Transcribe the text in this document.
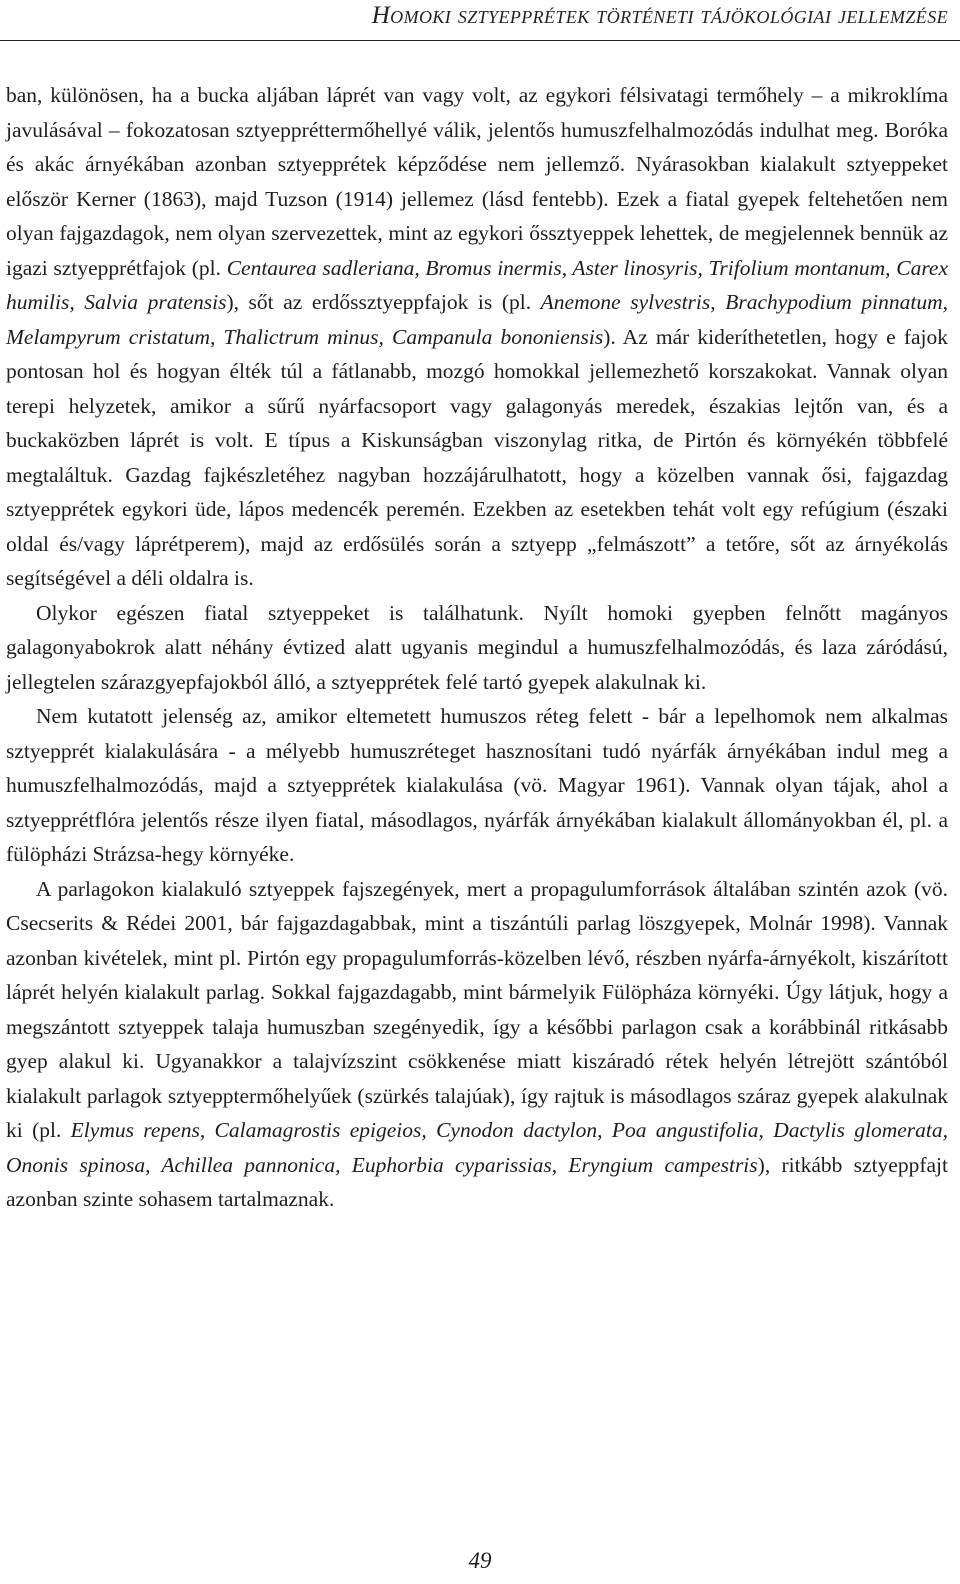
Homoki sztyepprétek történeti tájökológiai jellemzése

ban, különösen, ha a bucka aljában láprét van vagy volt, az egykori félsivatagi termőhely – a mikroklíma javulásával – fokozatosan sztyeppréttermőhellyé válik, jelentős humuszfelhalmozódás indulhat meg. Boróka és akác árnyékában azonban sztyepprétek képződése nem jellemző. Nyárasokban kialakult sztyeppeket először Kerner (1863), majd Tuzson (1914) jellemez (lásd fentebb). Ezek a fiatal gyepek feltehetően nem olyan fajgazdagok, nem olyan szervezettek, mint az egykori őssztyeppek lehettek, de megjelennek bennük az igazi sztyepprétfajok (pl. Centaurea sadleriana, Bromus inermis, Aster linosyris, Trifolium montanum, Carex humilis, Salvia pratensis), sőt az erdőssztyeppfajok is (pl. Anemone sylvestris, Brachypodium pinnatum, Melampyrum cristatum, Thalictrum minus, Campanula bononiensis). Az már kideríthetetlen, hogy e fajok pontosan hol és hogyan élték túl a fátlanabb, mozgó homokkal jellemezhető korszakokat. Vannak olyan terepi helyzetek, amikor a sűrű nyárfacsoport vagy galagonyás meredek, északias lejtőn van, és a buckaközben láprét is volt. E típus a Kiskunságban viszonylag ritka, de Pirtón és környékén többfelé megtaláltuk. Gazdag fajkészletéhez nagyban hozzájárulhatott, hogy a közelben vannak ősi, fajgazdag sztyepprétek egykori üde, lápos medencék peremén. Ezekben az esetekben tehát volt egy refúgium (északi oldal és/vagy láprétperem), majd az erdősülés során a sztyepp „felmászott” a tetőre, sőt az árnyékolás segítségével a déli oldalra is.

Olykor egészen fiatal sztyeppeket is találhatunk. Nyílt homoki gyepben felnőtt magányos galagonyabokrok alatt néhány évtized alatt ugyanis megindul a humuszfelhalmozódás, és laza záródású, jellegtelen szárazgyepfajokból álló, a sztyepprétek felé tartó gyepek alakulnak ki.

Nem kutatott jelenség az, amikor eltemetett humuszos réteg felett - bár a lepelhomok nem alkalmas sztyepprét kialakulására - a mélyebb humuszréteget hasznosítani tudó nyárfák árnyékában indul meg a humuszfelhalmozódás, majd a sztyepprétek kialakulása (vö. Magyar 1961). Vannak olyan tájak, ahol a sztyepprétflóra jelentős része ilyen fiatal, másodlagos, nyárfák árnyékában kialakult állományokban él, pl. a fülöpházi Strázsa-hegy környéke.

A parlagokon kialakuló sztyeppek fajszegények, mert a propagulumforrások általában szintén azok (vö. Csecserits & Rédei 2001, bár fajgazdagabbak, mint a tiszántúli parlag löszgyepek, Molnár 1998). Vannak azonban kivételek, mint pl. Pirtón egy propagulumforrás-közelben lévő, részben nyárfa-árnyékolt, kiszárított láprét helyén kialakult parlag. Sokkal fajgazdagabb, mint bármelyik Fülöpháza környéki. Úgy látjuk, hogy a megszántott sztyeppek talaja humuszban szegényedik, így a későbbi parlagon csak a korábbinál ritkásabb gyep alakul ki. Ugyanakkor a talajvízszint csökkenése miatt kiszáradó rétek helyén létrejött szántóból kialakult parlagok sztyepptermőhelyűek (szürkés talajúak), így rajtuk is másodlagos száraz gyepek alakulnak ki (pl. Elymus repens, Calamagrostis epigeios, Cynodon dactylon, Poa angustifolia, Dactylis glomerata, Ononis spinosa, Achillea pannonica, Euphorbia cyparissias, Eryngium campestris), ritkább sztyeppfajt azonban szinte sohasem tartalmaznak.

49
